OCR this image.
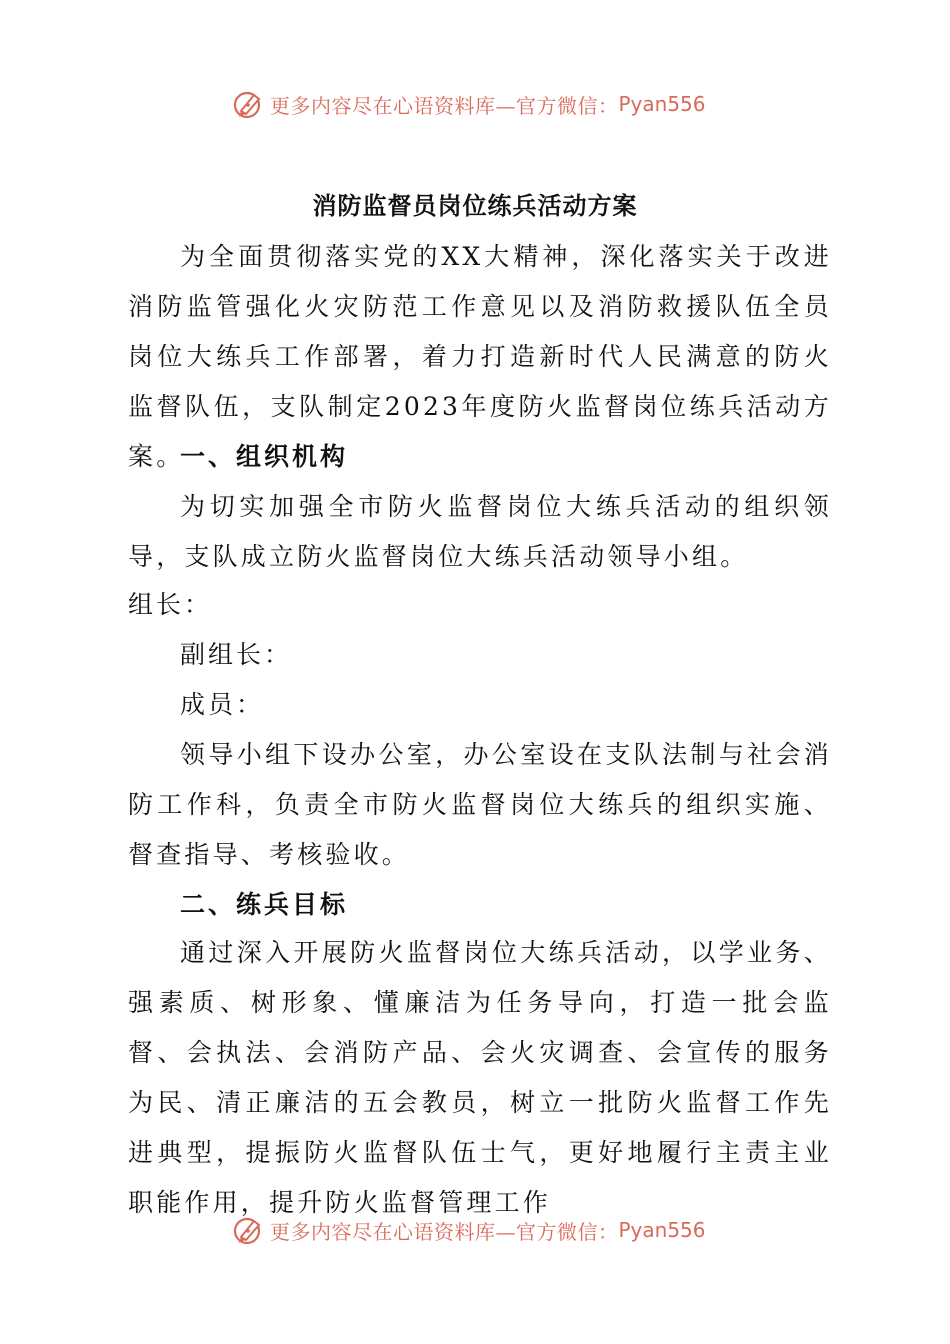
更多内容尽在心语资料库—官方微信： Pyan556
消防监督员岗位练兵活动方案

为全面贯彻落实党的XX大精神，深化落实关于改进消防监管强化火灾防范工作意见以及消防救援队伍全员岗位大练兵工作部署，着力打造新时代人民满意的防火监督队伍，支队制定2023年度防火监督岗位练兵活动方案。

一、组织机构

为切实加强全市防火监督岗位大练兵活动的组织领导，支队成立防火监督岗位大练兵活动领导小组。

组长：

副组长：

成员：

领导小组下设办公室，办公室设在支队法制与社会消防工作科，负责全市防火监督岗位大练兵的组织实施、督查指导、考核验收。

二、练兵目标

通过深入开展防火监督岗位大练兵活动，以学业务、强素质、树形象、懂廉洁为任务导向，打造一批会监督、会执法、会消防产品、会火灾调查、会宣传的服务为民、清正廉洁的五会教员，树立一批防火监督工作先进典型，提振防火监督队伍士气，更好地履行主责主业职能作用，提升防火监督管理工作

更多内容尽在心语资料库—官方微信： Pyan556
